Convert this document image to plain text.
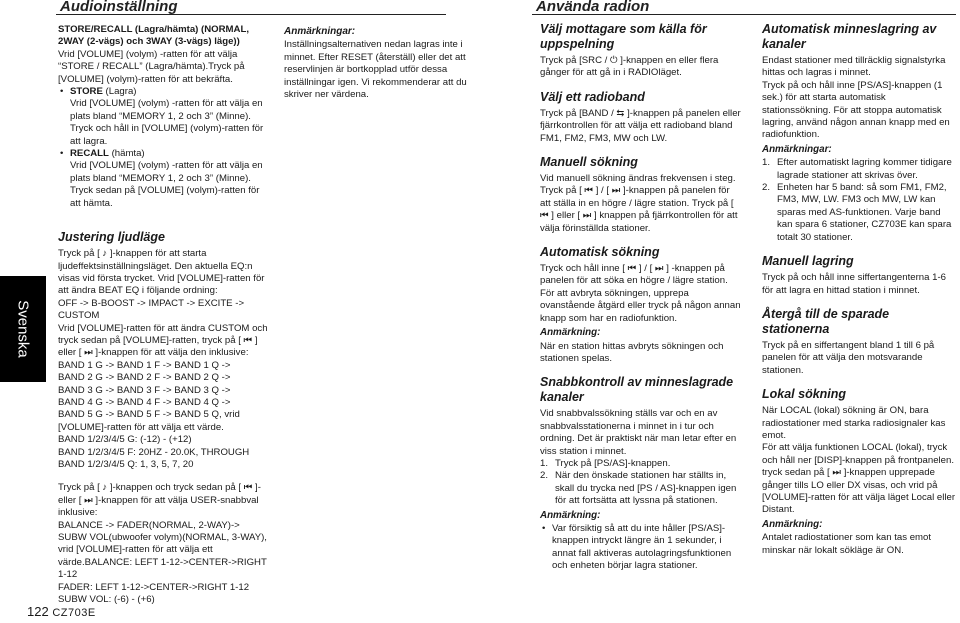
Audioinställning	Använda radion
Svenska

STORE/RECALL (Lagra/hämta) (NORMAL, 2WAY (2-vägs) och 3WAY (3-vägs) läge))

Vrid [VOLUME] (volym) -ratten för att välja “STORE / RECALL” (Lagra/hämta).Tryck på [VOLUME] (volym)-ratten för att bekräfta.

• STORE (Lagra)
Vrid [VOLUME] (volym) -ratten för att välja en plats bland “MEMORY 1, 2 och 3” (Minne). Tryck och håll in [VOLUME] (volym)-ratten för att lagra.
• RECALL (hämta)
Vrid [VOLUME] (volym) -ratten för att välja en plats bland “MEMORY 1, 2 och 3” (Minne). Tryck sedan på [VOLUME] (volym)-ratten för att hämta.
Justering ljudläge

Tryck på [ ♪ ]-knappen för att starta ljudeffektsinställningsläget. Den aktuella EQ:n visas vid första trycket. Vrid [VOLUME]-ratten för att ändra BEAT EQ i följande ordning:

OFF -> B-BOOST -> IMPACT -> EXCITE -> CUSTOM

Vrid [VOLUME]-ratten för att ändra CUSTOM och tryck sedan på [VOLUME]-ratten, tryck på [ ⏮ ] eller [ ⏭ ]-knappen för att välja den inklusive:

BAND 1 G -> BAND 1 F -> BAND 1 Q ->

BAND 2 G -> BAND 2 F -> BAND 2 Q ->

BAND 3 G -> BAND 3 F -> BAND 3 Q ->

BAND 4 G -> BAND 4 F -> BAND 4 Q ->

BAND 5 G -> BAND 5 F -> BAND 5 Q, vrid [VOLUME]-ratten för att välja ett värde.

BAND 1/2/3/4/5 G: (-12) - (+12)

BAND 1/2/3/4/5 F: 20HZ - 20.0K, THROUGH

BAND 1/2/3/4/5 Q: 1, 3, 5, 7, 20

Tryck på [ ♪ ]-knappen och tryck sedan på [ ⏮ ]- eller [ ⏭ ]-knappen för att välja USER-snabbval inklusive:

BALANCE -> FADER(NORMAL, 2-WAY)-> SUBW VOL(ubwoofer volym)(NORMAL, 3-WAY), vrid [VOLUME]-ratten för att välja ett värde.BALANCE: LEFT 1-12->CENTER->RIGHT 1-12

FADER: LEFT 1-12->CENTER->RIGHT 1-12

SUBW VOL: (-6) - (+6)

Anmärkningar:

Inställningsalternativen nedan lagras inte i minnet. Efter RESET (återställ) eller det att reservlinjen är bortkopplad utför dessa inställningar igen. Vi rekommenderar att du skriver ner värdena.

Välj mottagare som källa för uppspelning

Tryck på [SRC / ⏻ ]-knappen en eller flera gånger för att gå in i RADIOläget.

Välj ett radioband

Tryck på [BAND / ⇆ ]-knappen på panelen eller fjärrkontrollen för att välja ett radioband bland FM1, FM2, FM3, MW och LW.

Manuell sökning

Vid manuell sökning ändras frekvensen i steg. Tryck på [ ⏮ ] / [ ⏭ ]-knappen på panelen för att ställa in en högre / lägre station. Tryck på [ ⏮ ] eller [ ⏭ ] knappen på fjärrkontrollen för att välja förinställda stationer.

Automatisk sökning

Tryck och håll inne [ ⏮ ] / [ ⏭ ] -knappen på panelen för att söka en högre / lägre station.

För att avbryta sökningen, upprepa ovanstående åtgärd eller tryck på någon annan knapp som har en radiofunktion.

Anmärkning:

När en station hittas avbryts sökningen och stationen spelas.

Snabbkontroll av minneslagrade kanaler

Vid snabbvalssökning ställs var och en av snabbvalsstationerna i minnet in i tur och ordning. Det är praktiskt när man letar efter en viss station i minnet.

1. Tryck på [PS/AS]-knappen.
2. När den önskade stationen har ställts in, skall du trycka ned [PS / AS]-knappen igen för att fortsätta att lyssna på stationen.
Anmärkning:
• Var försiktig så att du inte håller [PS/AS]-knappen intryckt längre än 1 sekunder, i annat fall aktiveras autolagringsfunktionen och enheten börjar lagra stationer.
Automatisk minneslagring av kanaler

Endast stationer med tillräcklig signalstyrka hittas och lagras i minnet.

Tryck på och håll inne [PS/AS]-knappen (1 sek.) för att starta automatisk stationssökning. För att stoppa automatisk lagring, använd någon annan knapp med en radiofunktion.

Anmärkningar:
1. Efter automatiskt lagring kommer tidigare lagrade stationer att skrivas över.
2. Enheten har 5 band: så som FM1, FM2, FM3, MW, LW. FM3 och MW, LW kan sparas med AS-funktionen. Varje band kan spara 6 stationer, CZ703E kan spara totalt 30 stationer.
Manuell lagring

Tryck på och håll inne siffertangenterna 1-6 för att lagra en hittad station i minnet.

Återgå till de sparade stationerna

Tryck på en siffertangent bland 1 till 6 på panelen för att välja den motsvarande stationen.

Lokal sökning

När LOCAL (lokal) sökning är ON, bara radiostationer med starka radiosignaler kas emot.

För att välja funktionen LOCAL (lokal), tryck och håll ner [DISP]-knappen på frontpanelen. tryck sedan på [ ⏭ ]-knappen upprepade gånger tills LO eller DX visas, och vrid på [VOLUME]-ratten för att välja läget Local eller Distant.

Anmärkning:

Antalet radiostationer som kan tas emot minskar när lokalt sökläge är ON.

122 CZ703E
